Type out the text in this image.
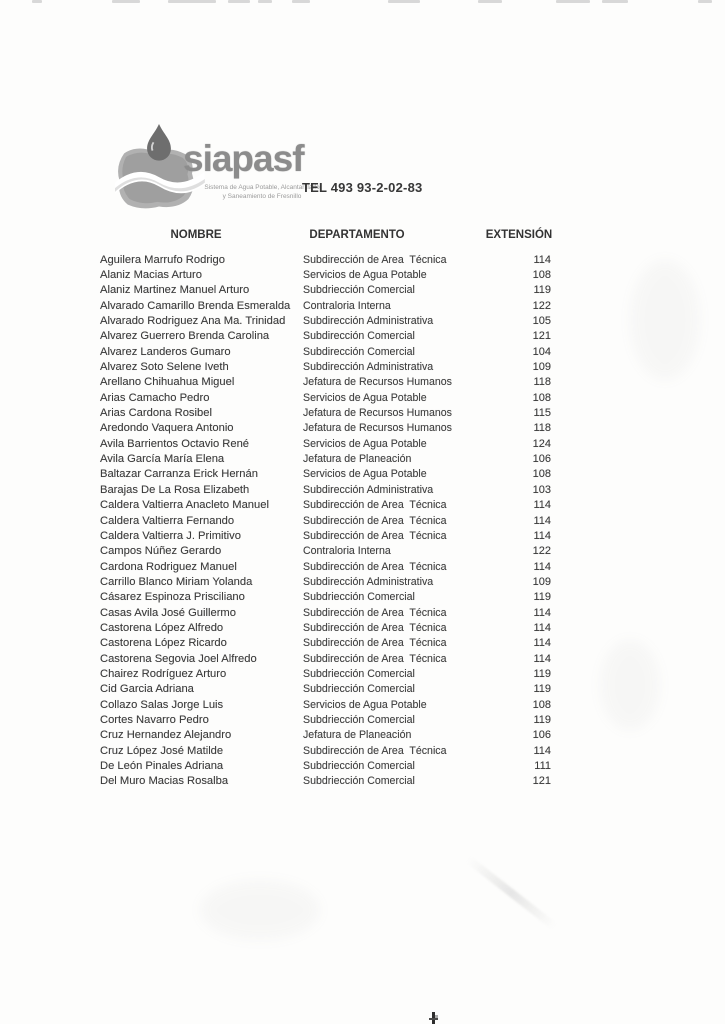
siapasf
Sistema de Agua Potable, Alcantarillado
y Saneamiento de Fresnillo
TEL 493 93-2-02-83
NOMBRE	DEPARTAMENTO	EXTENSIÓN
Aguilera Marrufo Rodrigo	Subdirección de Area  Técnica	114
Alaniz Macias Arturo	Servicios de Agua Potable	108
Alaniz Martinez Manuel Arturo	Subdriección Comercial	119
Alvarado Camarillo Brenda Esmeralda	Contraloria Interna	122
Alvarado Rodriguez Ana Ma. Trinidad	Subdirección Administrativa	105
Alvarez Guerrero Brenda Carolina	Subdirección Comercial	121
Alvarez Landeros Gumaro	Subdirección Comercial	104
Alvarez Soto Selene Iveth	Subdirección Administrativa	109
Arellano Chihuahua Miguel	Jefatura de Recursos Humanos	118
Arias Camacho Pedro	Servicios de Agua Potable	108
Arias Cardona Rosibel	Jefatura de Recursos Humanos	115
Aredondo Vaquera Antonio	Jefatura de Recursos Humanos	118
Avila Barrientos Octavio René	Servicios de Agua Potable	124
Avila García María Elena	Jefatura de Planeación	106
Baltazar Carranza Erick Hernán	Servicios de Agua Potable	108
Barajas De La Rosa Elizabeth	Subdirección Administrativa	103
Caldera Valtierra Anacleto Manuel	Subdirección de Area  Técnica	114
Caldera Valtierra Fernando	Subdirección de Area  Técnica	114
Caldera Valtierra J. Primitivo	Subdirección de Area  Técnica	114
Campos Núñez Gerardo	Contraloria Interna	122
Cardona Rodriguez Manuel	Subdirección de Area  Técnica	114
Carrillo Blanco Miriam Yolanda	Subdirección Administrativa	109
Cásarez Espinoza Prisciliano	Subdriección Comercial	119
Casas Avila José Guillermo	Subdirección de Area  Técnica	114
Castorena López Alfredo	Subdirección de Area  Técnica	114
Castorena López Ricardo	Subdirección de Area  Técnica	114
Castorena Segovia Joel Alfredo	Subdirección de Area  Técnica	114
Chairez Rodríguez Arturo	Subdriección Comercial	119
Cid Garcia Adriana	Subdriección Comercial	119
Collazo Salas Jorge Luis	Servicios de Agua Potable	108
Cortes Navarro Pedro	Subdriección Comercial	119
Cruz Hernandez Alejandro	Jefatura de Planeación	106
Cruz López José Matilde	Subdirección de Area  Técnica	114
De León Pinales Adriana	Subdriección Comercial	111
Del Muro Macias Rosalba	Subdriección Comercial	121
